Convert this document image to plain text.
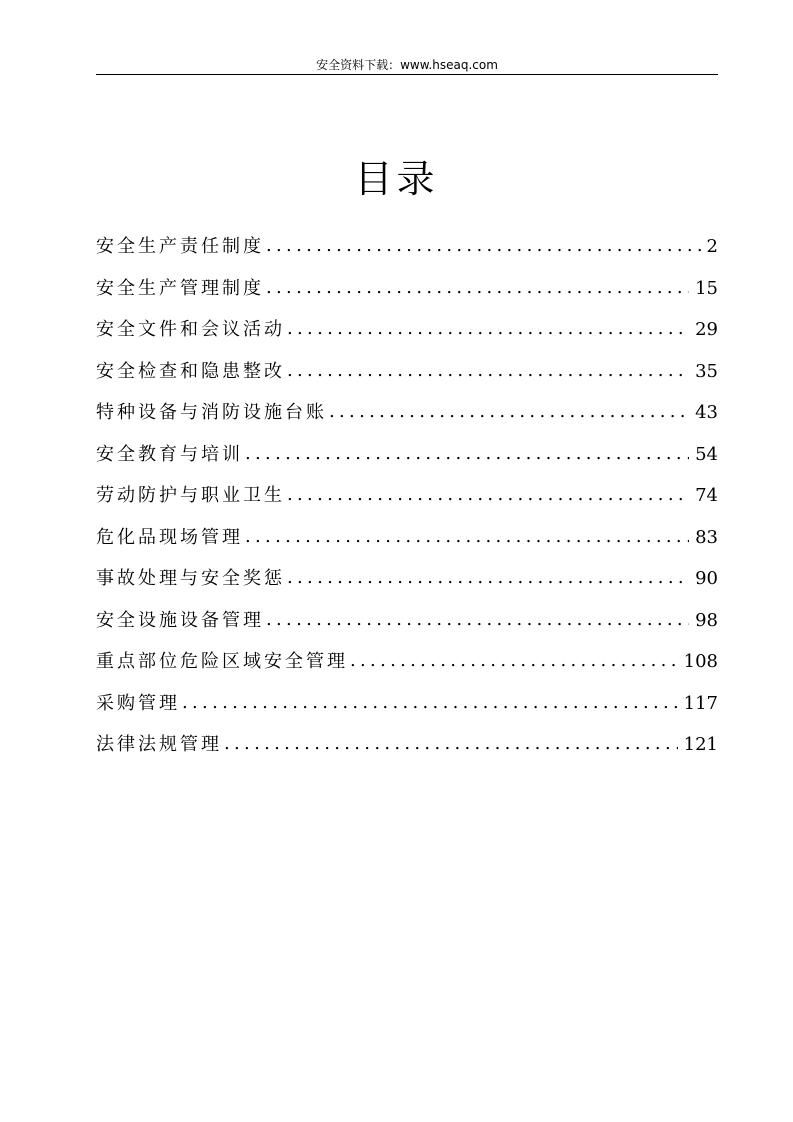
安全资料下载：www.hseaq.com
目录
安全生产责任制度 .....	2
安全生产管理制度 .....	15
安全文件和会议活动 .....	29
安全检查和隐患整改 .....	35
特种设备与消防设施台账 .....	43
安全教育与培训 .....	54
劳动防护与职业卫生 .....	74
危化品现场管理 .....	83
事故处理与安全奖惩 .....	90
安全设施设备管理 .....	98
重点部位危险区域安全管理 .....	108
采购管理 .....	117
法律法规管理 .....	121
